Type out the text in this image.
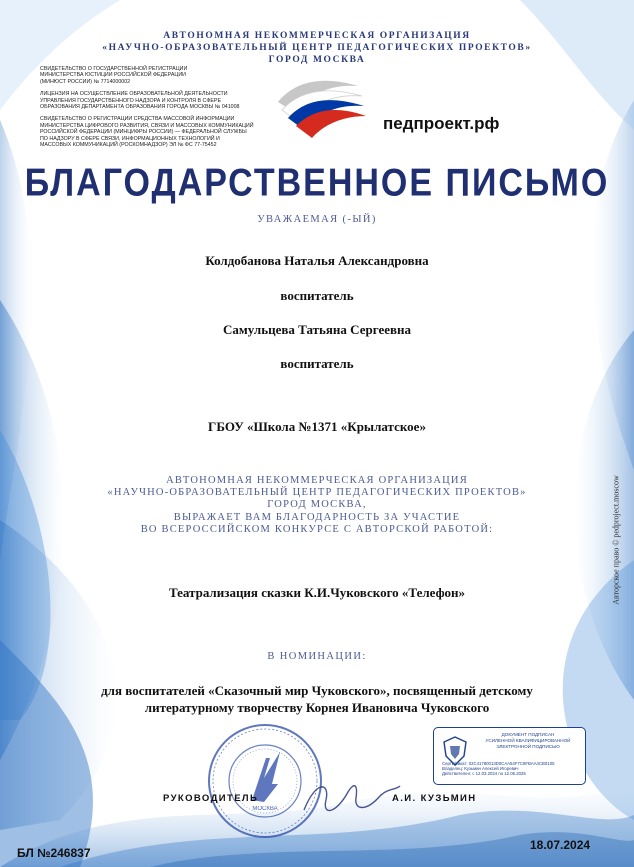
АВТОНОМНАЯ НЕКОММЕРЧЕСКАЯ ОРГАНИЗАЦИЯ
«НАУЧНО-ОБРАЗОВАТЕЛЬНЫЙ ЦЕНТР ПЕДАГОГИЧЕСКИХ ПРОЕКТОВ»
ГОРОД МОСКВА
СВИДЕТЕЛЬСТВО О ГОСУДАРСТВЕННОЙ РЕГИСТРАЦИИ
МИНИСТЕРСТВА ЮСТИЦИИ РОССИЙСКОЙ ФЕДЕРАЦИИ
(МИНЮСТ РОССИИ) № 7714000002
ЛИЦЕНЗИЯ НА ОСУЩЕСТВЛЕНИЕ ОБРАЗОВАТЕЛЬНОЙ ДЕЯТЕЛЬНОСТИ
УПРАВЛЕНИЯ ГОСУДАРСТВЕННОГО НАДЗОРА И КОНТРОЛЯ В СФЕРЕ
ОБРАЗОВАНИЯ ДЕПАРТАМЕНТА ОБРАЗОВАНИЯ ГОРОДА МОСКВЫ № 041008
СВИДЕТЕЛЬСТВО О РЕГИСТРАЦИИ СРЕДСТВА МАССОВОЙ ИНФОРМАЦИИ
МИНИСТЕРСТВА ЦИФРОВОГО РАЗВИТИЯ, СВЯЗИ И МАССОВЫХ КОММУНИКАЦИЙ
РОССИЙСКОЙ ФЕДЕРАЦИИ (МИНЦИФРЫ РОССИИ) — ФЕДЕРАЛЬНОЙ СЛУЖБЫ
ПО НАДЗОРУ В СФЕРЕ СВЯЗИ, ИНФОРМАЦИОННЫХ ТЕХНОЛОГИЙ И
МАССОВЫХ КОММУНИКАЦИЙ (РОСКОМНАДЗОР) ЭЛ № ФС 77-75452
педпроект.рф
БЛАГОДАРСТВЕННОЕ ПИСЬМО
УВАЖАЕМАЯ (-ЫЙ)
Колдобанова Наталья Александровна
воспитатель
Самульцева Татьяна Сергеевна
воспитатель
ГБОУ «Школа №1371 «Крылатское»
АВТОНОМНАЯ НЕКОММЕРЧЕСКАЯ ОРГАНИЗАЦИЯ
«НАУЧНО-ОБРАЗОВАТЕЛЬНЫЙ ЦЕНТР ПЕДАГОГИЧЕСКИХ ПРОЕКТОВ»
ГОРОД МОСКВА,
ВЫРАЖАЕТ ВАМ БЛАГОДАРНОСТЬ ЗА УЧАСТИЕ
ВО ВСЕРОССИЙСКОМ КОНКУРСЕ С АВТОРСКОЙ РАБОТОЙ:
Театрализация сказки К.И.Чуковского «Телефон»
В НОМИНАЦИИ:
для воспитателей «Сказочный мир Чуковского», посвященный детскому
литературному творчеству Корнея Ивановича Чуковского
Авторское право © pedproject.moscow
ДОКУМЕНТ ПОДПИСАН
УСИЛЕННОЙ КВАЛИФИЦИРОВАННОЙ
ЭЛЕКТРОННОЙ ПОДПИСЬЮ
Сертификат: 02C41780013D0CAA54F7C8FBAA4CB0105
Владелец: Кузьмин Алексей Игоревич
Действителен: с 12.03.2024 по 12.06.2025
МОСКВА
РУКОВОДИТЕЛЬ	А.И. КУЗЬМИН
БЛ №246837
18.07.2024
